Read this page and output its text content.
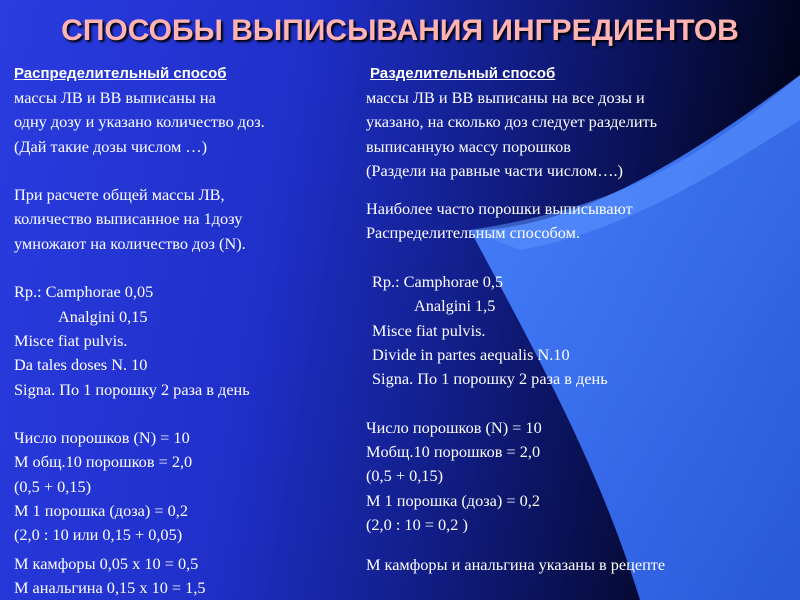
СПОСОБЫ ВЫПИСЫВАНИЯ ИНГРЕДИЕНТОВ
Распределительный способ
массы ЛВ и ВВ выписаны на
одну дозу и указано количество доз.
(Дай такие дозы числом …)
При расчете общей массы ЛВ,
количество выписанное на 1дозу
умножают на количество доз (N).
Rp.: Camphorae 0,05
Analgini 0,15
Misce fiat pulvis.
Da tales doses N. 10
Signa. По 1 порошку 2 раза в день
Число порошков (N) = 10
M общ.10 порошков = 2,0
(0,5 + 0,15)
M 1 порошка (доза) = 0,2
(2,0 : 10 или 0,15 + 0,05)
M камфоры 0,05 x 10 = 0,5
M анальгина 0,15 x 10 = 1,5
Разделительный способ
массы ЛВ и ВВ выписаны на все дозы и
указано, на сколько доз следует разделить
выписанную массу порошков
(Раздели на равные части числом….)
Наиболее часто порошки выписывают
Распределительным способом.
Rp.: Camphorae 0,5
Analgini 1,5
Misce fiat pulvis.
Divide in partes aequalis N.10
Signa. По 1 порошку 2 раза в день
Число порошков (N) = 10
Mобщ.10 порошков = 2,0
(0,5 + 0,15)
M 1 порошка (доза) = 0,2
(2,0 : 10 = 0,2 )
M камфоры и анальгина указаны в рецепте
